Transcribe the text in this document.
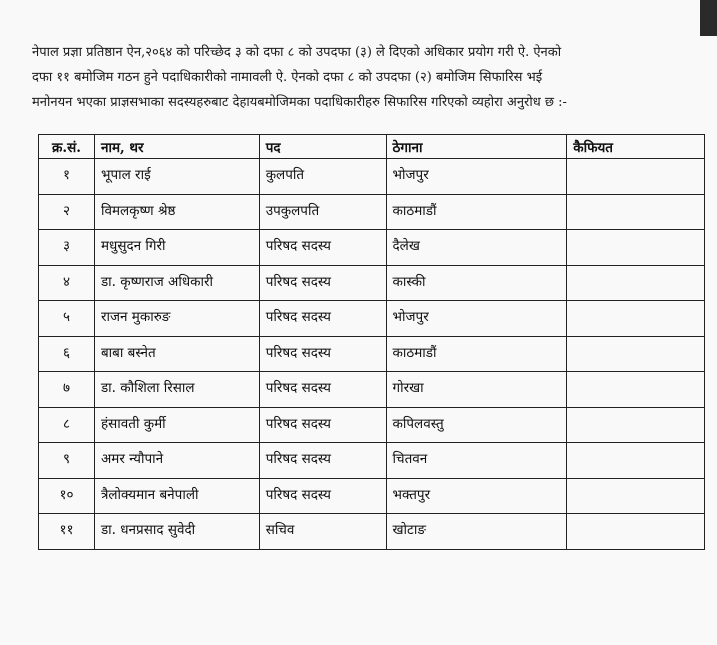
नेपाल प्रज्ञा प्रतिष्ठान ऐन,२०६४ को परिच्छेद ३ को दफा ८ को उपदफा (३) ले दिएको अधिकार प्रयोग गरी ऐ. ऐनको
दफा ११ बमोजिम गठन हुने पदाधिकारीको नामावली ऐ. ऐनको दफा ८ को उपदफा (२) बमोजिम सिफारिस भई
मनोनयन भएका प्राज्ञसभाका सदस्यहरुबाट देहायबमोजिमका पदाधिकारीहरु सिफारिस गरिएको व्यहोरा अनुरोध छ :-
क्र.सं.	नाम, थर	पद	ठेगाना	कैफियत
१	भूपाल राई	कुलपति	भोजपुर	
२	विमलकृष्ण श्रेष्ठ	उपकुलपति	काठमाडौं	
३	मधुसुदन गिरी	परिषद सदस्य	दैलेख	
४	डा. कृष्णराज अधिकारी	परिषद सदस्य	कास्की	
५	राजन मुकारुङ	परिषद सदस्य	भोजपुर	
६	बाबा बस्नेत	परिषद सदस्य	काठमाडौं	
७	डा. कौशिला रिसाल	परिषद सदस्य	गोरखा	
८	हंसावती कुर्मी	परिषद सदस्य	कपिलवस्तु	
९	अमर न्यौपाने	परिषद सदस्य	चितवन	
१०	त्रैलोक्यमान बनेपाली	परिषद सदस्य	भक्तपुर	
११	डा. धनप्रसाद सुवेदी	सचिव	खोटाङ	
